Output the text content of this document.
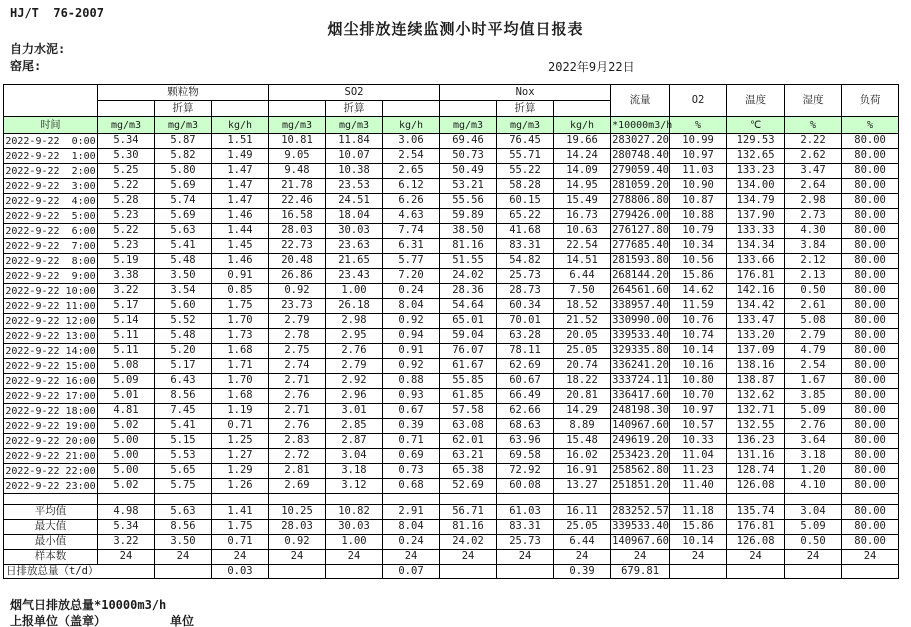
HJ/T  76-2007
烟尘排放连续监测小时平均值日报表
自力水泥:
窑尾:	2022年9月22日
	颗粒物			SO2			Nox			流量	O2	温度	湿度	负荷
		折算			折算			折算						
时间	mg/m3	mg/m3	kg/h	mg/m3	mg/m3	kg/h	mg/m3	mg/m3	kg/h	*10000m3/h	%	℃	%	%
2022-9-22  0:00	5.34	5.87	1.51	10.81	11.84	3.06	69.46	76.45	19.66	283027.20	10.99	129.53	2.22	80.00
2022-9-22  1:00	5.30	5.82	1.49	9.05	10.07	2.54	50.73	55.71	14.24	280748.40	10.97	132.65	2.62	80.00
2022-9-22  2:00	5.25	5.80	1.47	9.48	10.38	2.65	50.49	55.22	14.09	279059.40	11.03	133.23	3.47	80.00
2022-9-22  3:00	5.22	5.69	1.47	21.78	23.53	6.12	53.21	58.28	14.95	281059.20	10.90	134.00	2.64	80.00
2022-9-22  4:00	5.28	5.74	1.47	22.46	24.51	6.26	55.56	60.15	15.49	278806.80	10.87	134.79	2.98	80.00
2022-9-22  5:00	5.23	5.69	1.46	16.58	18.04	4.63	59.89	65.22	16.73	279426.00	10.88	137.90	2.73	80.00
2022-9-22  6:00	5.22	5.63	1.44	28.03	30.03	7.74	38.50	41.68	10.63	276127.80	10.79	133.33	4.30	80.00
2022-9-22  7:00	5.23	5.41	1.45	22.73	23.63	6.31	81.16	83.31	22.54	277685.40	10.34	134.34	3.84	80.00
2022-9-22  8:00	5.19	5.48	1.46	20.48	21.65	5.77	51.55	54.82	14.51	281593.80	10.56	133.66	2.12	80.00
2022-9-22  9:00	3.38	3.50	0.91	26.86	23.43	7.20	24.02	25.73	6.44	268144.20	15.86	176.81	2.13	80.00
2022-9-22 10:00	3.22	3.54	0.85	0.92	1.00	0.24	28.36	28.73	7.50	264561.60	14.62	142.16	0.50	80.00
2022-9-22 11:00	5.17	5.60	1.75	23.73	26.18	8.04	54.64	60.34	18.52	338957.40	11.59	134.42	2.61	80.00
2022-9-22 12:00	5.14	5.52	1.70	2.79	2.98	0.92	65.01	70.01	21.52	330990.00	10.76	133.47	5.08	80.00
2022-9-22 13:00	5.11	5.48	1.73	2.78	2.95	0.94	59.04	63.28	20.05	339533.40	10.74	133.20	2.79	80.00
2022-9-22 14:00	5.11	5.20	1.68	2.75	2.76	0.91	76.07	78.11	25.05	329335.80	10.14	137.09	4.79	80.00
2022-9-22 15:00	5.08	5.17	1.71	2.74	2.79	0.92	61.67	62.69	20.74	336241.20	10.16	138.16	2.54	80.00
2022-9-22 16:00	5.09	6.43	1.70	2.71	2.92	0.88	55.85	60.67	18.22	333724.11	10.80	138.87	1.67	80.00
2022-9-22 17:00	5.01	8.56	1.68	2.76	2.96	0.93	61.85	66.49	20.81	336417.60	10.70	132.62	3.85	80.00
2022-9-22 18:00	4.81	7.45	1.19	2.71	3.01	0.67	57.58	62.66	14.29	248198.30	10.97	132.71	5.09	80.00
2022-9-22 19:00	5.02	5.41	0.71	2.76	2.85	0.39	63.08	68.63	8.89	140967.60	10.57	132.55	2.76	80.00
2022-9-22 20:00	5.00	5.15	1.25	2.83	2.87	0.71	62.01	63.96	15.48	249619.20	10.33	136.23	3.64	80.00
2022-9-22 21:00	5.00	5.53	1.27	2.72	3.04	0.69	63.21	69.58	16.02	253423.20	11.04	131.16	3.18	80.00
2022-9-22 22:00	5.00	5.65	1.29	2.81	3.18	0.73	65.38	72.92	16.91	258562.80	11.23	128.74	1.20	80.00
2022-9-22 23:00	5.02	5.75	1.26	2.69	3.12	0.68	52.69	60.08	13.27	251851.20	11.40	126.08	4.10	80.00

平均值	4.98	5.63	1.41	10.25	10.82	2.91	56.71	61.03	16.11	283252.57	11.18	135.74	3.04	80.00
最大值	5.34	8.56	1.75	28.03	30.03	8.04	81.16	83.31	25.05	339533.40	15.86	176.81	5.09	80.00
最小值	3.22	3.50	0.71	0.92	1.00	0.24	24.02	25.73	6.44	140967.60	10.14	126.08	0.50	80.00
样本数	24	24	24	24	24	24	24	24	24	24	24	24	24	24
日排放总量（t/d）			0.03			0.07			0.39	679.81				
烟气日排放总量*10000m3/h
上报单位（盖章）	单位
